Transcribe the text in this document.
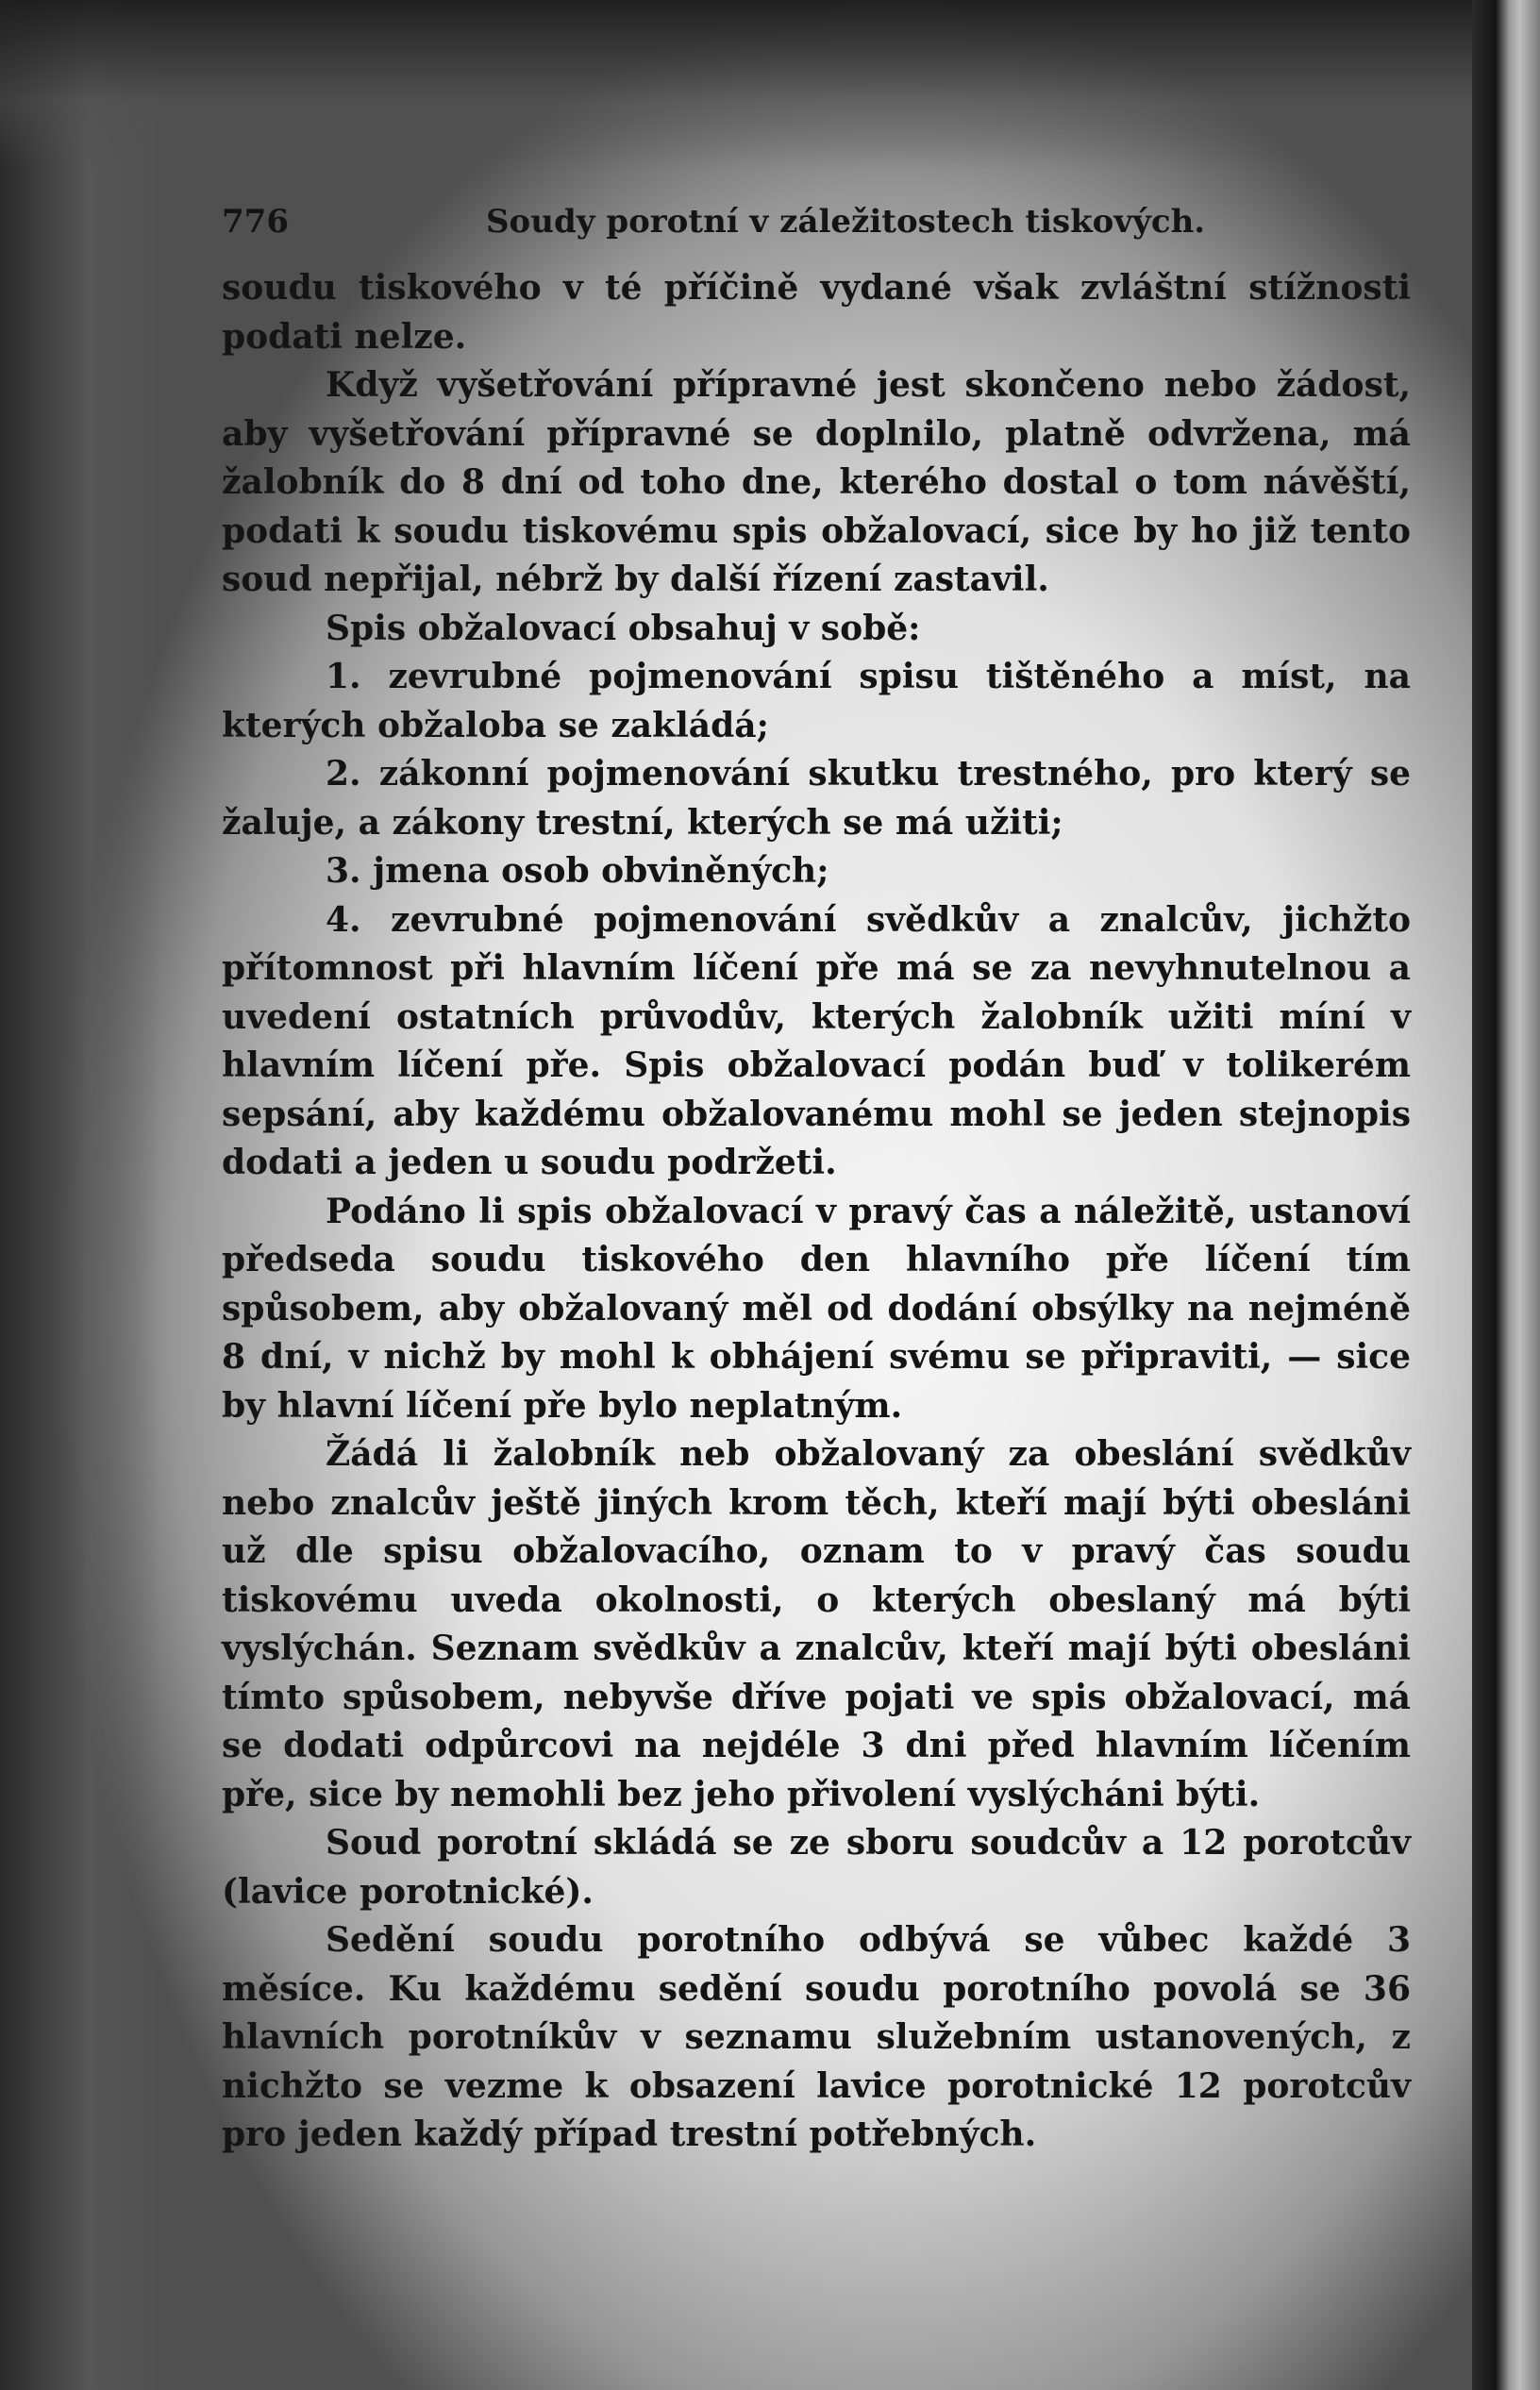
776	Soudy porotní v záležitostech tiskových.

soudu tiskového v té příčině vydané však zvláštní stížnosti podati nelze.

Když vyšetřování přípravné jest skončeno nebo žádost, aby vyšetřování přípravné se doplnilo, platně odvržena, má žalobník do 8 dní od toho dne, kterého dostal o tom návěští, podati k soudu tiskovému spis obžalovací, sice by ho již tento soud nepřijal, nébrž by další řízení zastavil.

Spis obžalovací obsahuj v sobě:

1. zevrubné pojmenování spisu tištěného a míst, na kterých obžaloba se zakládá;

2. zákonní pojmenování skutku trestného, pro který se žaluje, a zákony trestní, kterých se má užiti;

3. jmena osob obviněných;

4. zevrubné pojmenování svědkův a znalcův, jichžto přítomnost při hlavním líčení pře má se za nevyhnutelnou a uvedení ostatních průvodův, kterých žalobník užiti míní v hlavním líčení pře. Spis obžalovací podán buď v tolikerém sepsání, aby každému obžalovanému mohl se jeden stejnopis dodati a jeden u soudu podržeti.

Podáno li spis obžalovací v pravý čas a náležitě, ustanoví předseda soudu tiskového den hlavního pře líčení tím spůsobem, aby obžalovaný měl od dodání obsýlky na nejméně 8 dní, v nichž by mohl k obhájení svému se připraviti, — sice by hlavní líčení pře bylo neplatným.

Žádá li žalobník neb obžalovaný za obeslání svědkův nebo znalcův ještě jiných krom těch, kteří mají býti obesláni už dle spisu obžalovacího, oznam to v pravý čas soudu tiskovému uveda okolnosti, o kterých obeslaný má býti vyslýchán. Seznam svědkův a znalcův, kteří mají býti obesláni tímto spůsobem, nebyvše dříve pojati ve spis obžalovací, má se dodati odpůrcovi na nejdéle 3 dni před hlavním líčením pře, sice by nemohli bez jeho přivolení vyslýcháni býti.

Soud porotní skládá se ze sboru soudcův a 12 porotcův (lavice porotnické).

Sedění soudu porotního odbývá se vůbec každé 3 měsíce. Ku každému sedění soudu porotního povolá se 36 hlavních porotníkův v seznamu služebním ustanovených, z nichžto se vezme k obsazení lavice porotnické 12 porotcův pro jeden každý případ trestní potřebných.
